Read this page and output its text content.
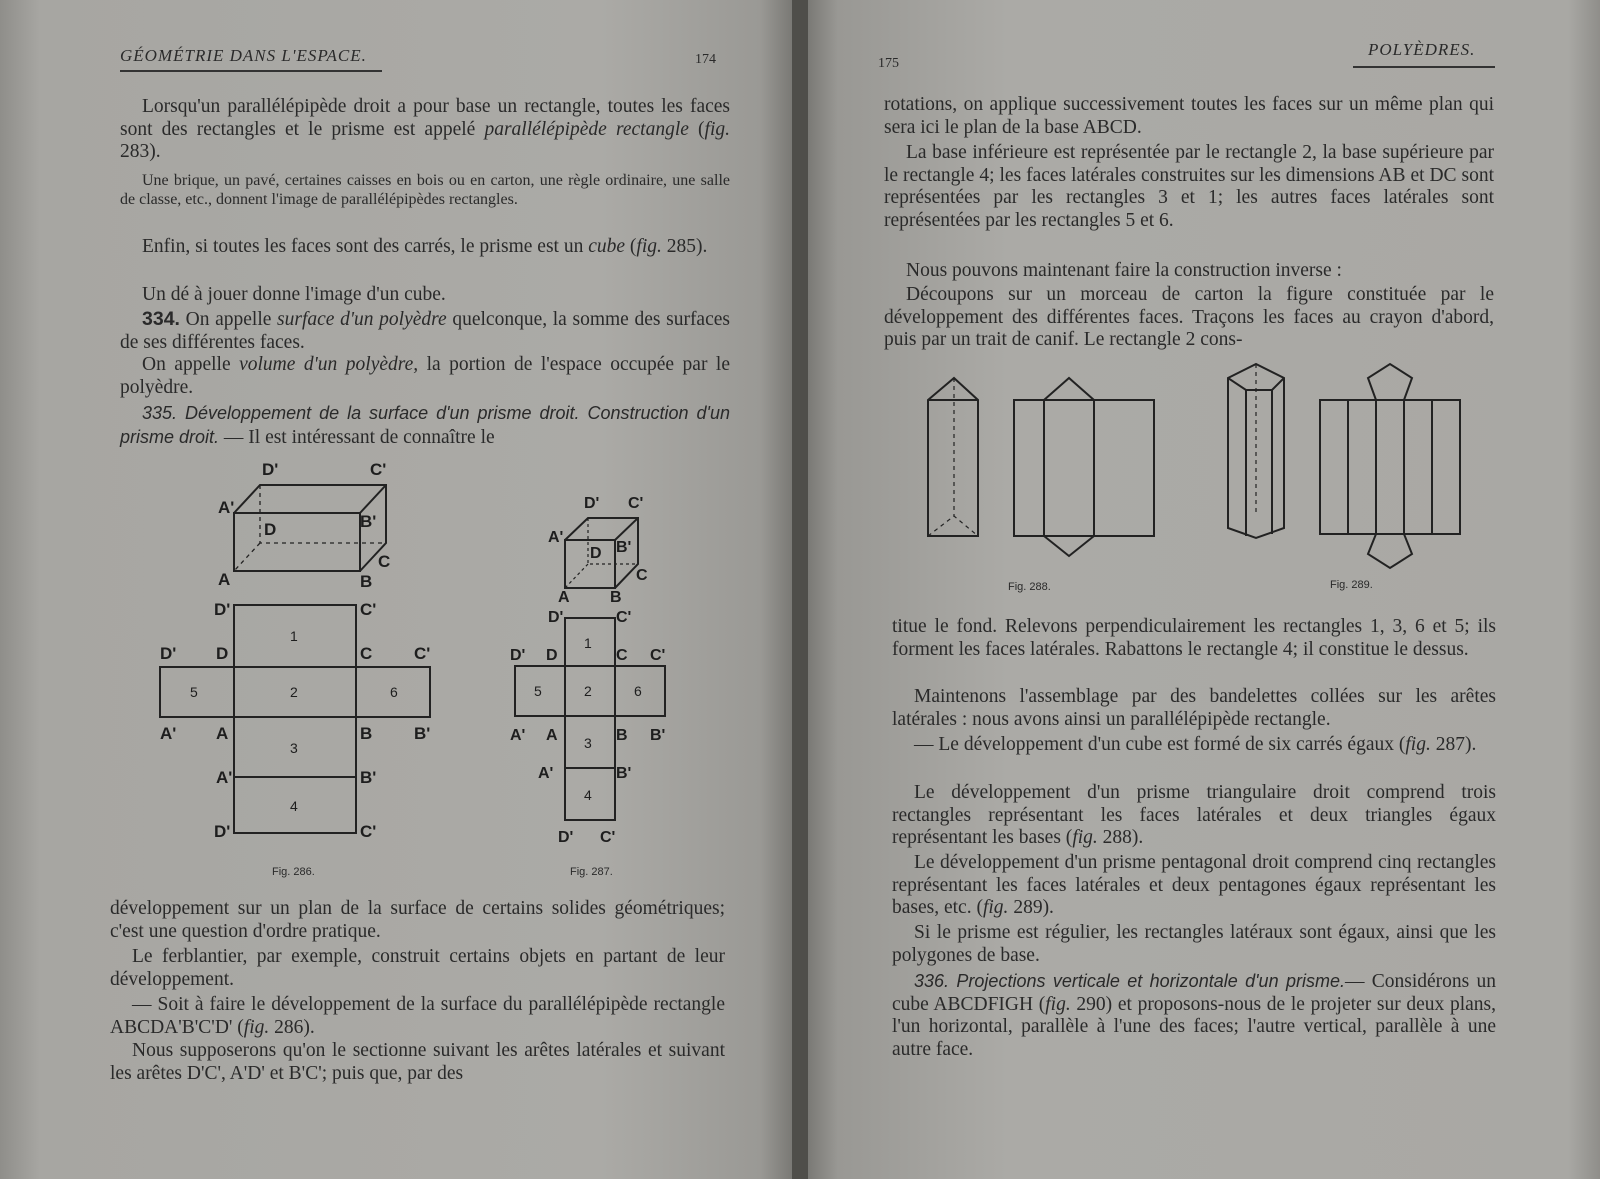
GÉOMÉTRIE DANS L'ESPACE.	174

Lorsqu'un parallélépipède droit a pour base un rectangle, toutes les faces sont des rectangles et le prisme est appelé parallélépipède rectangle (fig. 283).

Une brique, un pavé, certaines caisses en bois ou en carton, une règle ordinaire, une salle de classe, etc., donnent l'image de parallélépipèdes rectangles.

Enfin, si toutes les faces sont des carrés, le prisme est un cube (fig. 285).

Un dé à jouer donne l'image d'un cube.

334. On appelle surface d'un polyèdre quelconque, la somme des surfaces de ses différentes faces.

On appelle volume d'un polyèdre, la portion de l'espace occupée par le polyèdre.

335. Développement de la surface d'un prisme droit. Construction d'un prisme droit. — Il est intéressant de connaître le

D'	C'
A'
D	B'
C
A	B
D'	C'
D' D	C C'
A' A	B B'
A'	B'
D'	C'
1
2
3
4
5	6
Fig. 286.
D' C'
A'
D B'
C
A	B
D'	C'
D' D	C C'
A' A	B B'
A'	B'
D' C'
1
2
3
4
5	6
Fig. 287.

développement sur un plan de la surface de certains solides géométriques; c'est une question d'ordre pratique.

Le ferblantier, par exemple, construit certains objets en partant de leur développement.

— Soit à faire le développement de la surface du parallélépipède rectangle ABCDA'B'C'D' (fig. 286).

Nous supposerons qu'on le sectionne suivant les arêtes latérales et suivant les arêtes D'C', A'D' et B'C'; puis que, par des

175
POLYÈDRES.

rotations, on applique successivement toutes les faces sur un même plan qui sera ici le plan de la base ABCD.

La base inférieure est représentée par le rectangle 2, la base supérieure par le rectangle 4; les faces latérales construites sur les dimensions AB et DC sont représentées par les rectangles 3 et 1; les autres faces latérales sont représentées par les rectangles 5 et 6.

Nous pouvons maintenant faire la construction inverse :

Découpons sur un morceau de carton la figure constituée par le développement des différentes faces. Traçons les faces au crayon d'abord, puis par un trait de canif. Le rectangle 2 cons-

Fig. 288.	Fig. 289.

titue le fond. Relevons perpendiculairement les rectangles 1, 3, 6 et 5; ils forment les faces latérales. Rabattons le rectangle 4; il constitue le dessus.

Maintenons l'assemblage par des bandelettes collées sur les arêtes latérales : nous avons ainsi un parallélépipède rectangle.

— Le développement d'un cube est formé de six carrés égaux (fig. 287).

Le développement d'un prisme triangulaire droit comprend trois rectangles représentant les faces latérales et deux triangles égaux représentant les bases (fig. 288).

Le développement d'un prisme pentagonal droit comprend cinq rectangles représentant les faces latérales et deux pentagones égaux représentant les bases, etc. (fig. 289).

Si le prisme est régulier, les rectangles latéraux sont égaux, ainsi que les polygones de base.

336. Projections verticale et horizontale d'un prisme.— Considérons un cube ABCDFIGH (fig. 290) et proposons-nous de le projeter sur deux plans, l'un horizontal, parallèle à l'une des faces; l'autre vertical, parallèle à une autre face.
